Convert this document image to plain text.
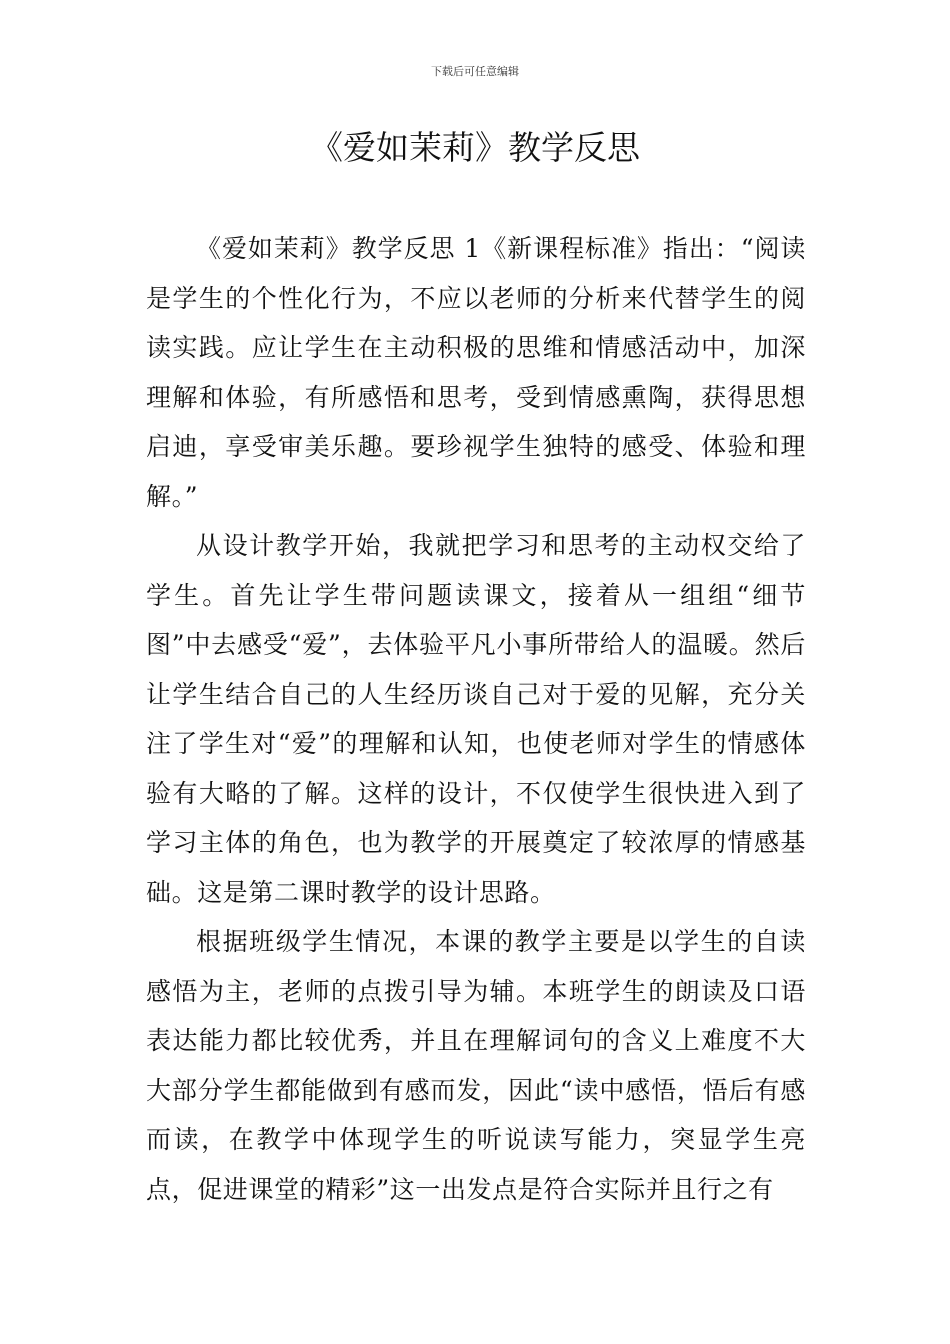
下载后可任意编辑
《爱如茉莉》教学反思

《爱如茉莉》教学反思 1《新课程标准》指出：“阅读是学生的个性化行为，不应以老师的分析来代替学生的阅读实践。应让学生在主动积极的思维和情感活动中，加深理解和体验，有所感悟和思考，受到情感熏陶，获得思想启迪，享受审美乐趣。要珍视学生独特的感受、体验和理解。”

从设计教学开始，我就把学习和思考的主动权交给了学生。首先让学生带问题读课文，接着从一组组“细节图”中去感受“爱”，去体验平凡小事所带给人的温暖。然后让学生结合自己的人生经历谈自己对于爱的见解，充分关注了学生对“爱”的理解和认知，也使老师对学生的情感体验有大略的了解。这样的设计，不仅使学生很快进入到了学习主体的角色，也为教学的开展奠定了较浓厚的情感基础。这是第二课时教学的设计思路。

根据班级学生情况，本课的教学主要是以学生的自读感悟为主，老师的点拨引导为辅。本班学生的朗读及口语表达能力都比较优秀，并且在理解词句的含义上难度不大大部分学生都能做到有感而发，因此“读中感悟，悟后有感而读，在教学中体现学生的听说读写能力，突显学生亮点，促进课堂的精彩”这一出发点是符合实际并且行之有
